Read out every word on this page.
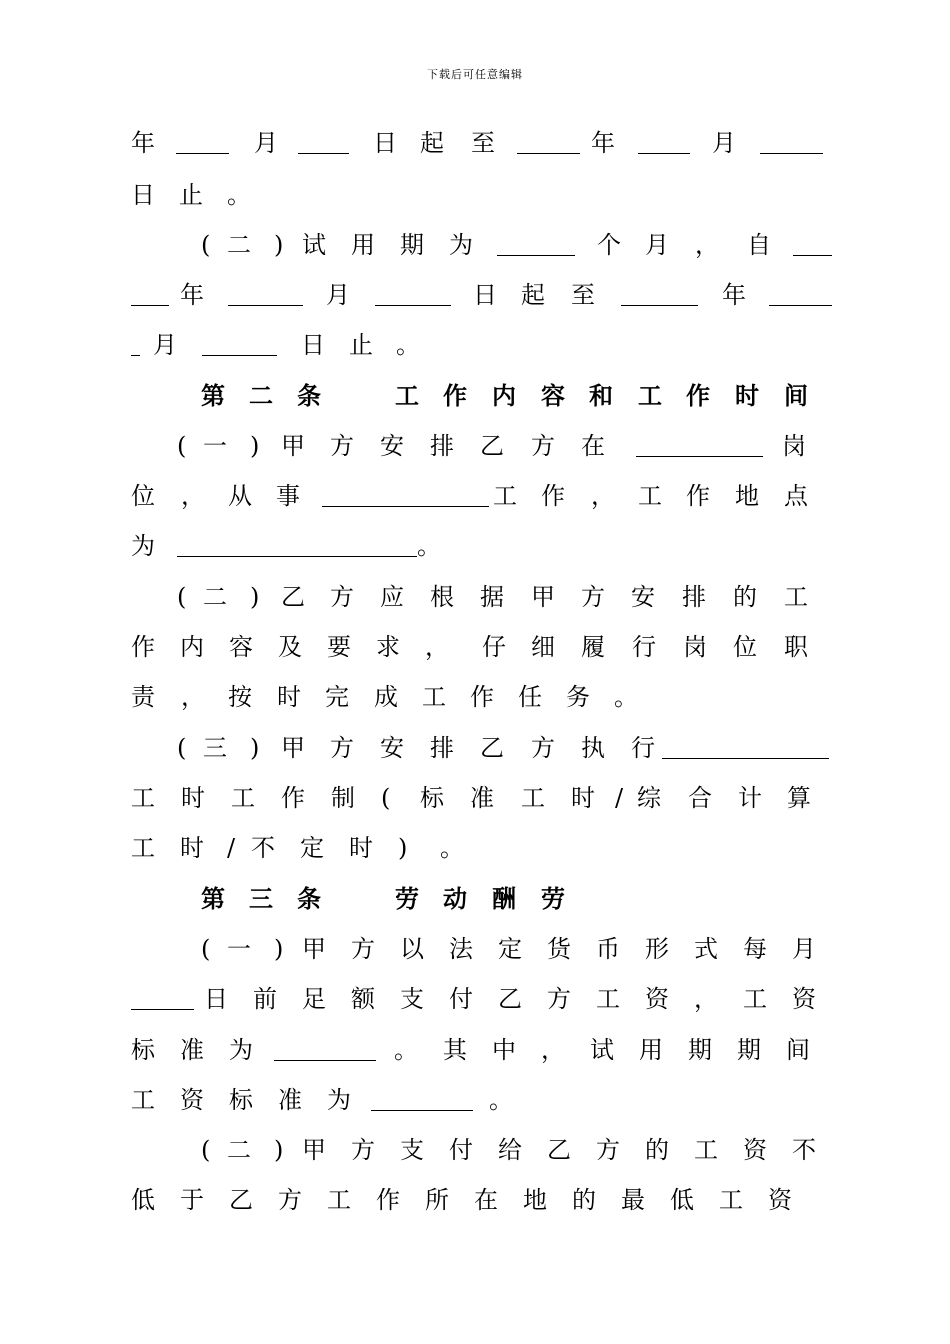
下载后可任意编辑
年	月	日 起 至	年	月
日 止 。
( 二 ) 试 用 期 为	个 月 ， 自
年	月	日 起 至	年
月	日 止 。
第 二 条	工 作 内 容 和 工 作 时 间
( 一 ) 甲 方 安 排 乙 方 在	岗
位 ， 从 事	工 作 ， 工 作 地 点
为	。
( 二 ) 乙 方 应 根 据 甲 方 安 排 的 工
作 内 容 及 要 求 ， 仔 细 履 行 岗 位 职
责 ， 按 时 完 成 工 作 任 务 。
( 三 ) 甲 方 安 排 乙 方 执 行
工 时 工 作 制 ( 标 准 工 时 / 综 合 计 算
工 时 / 不 定 时 ) 。
第 三 条	劳 动 酬 劳
( 一 ) 甲 方 以 法 定 货 币 形 式 每 月
日 前 足 额 支 付 乙 方 工 资 ， 工 资
标 准 为	。 其 中 ， 试 用 期 期 间
工 资 标 准 为	。
( 二 ) 甲 方 支 付 给 乙 方 的 工 资 不
低 于 乙 方 工 作 所 在 地 的 最 低 工 资
